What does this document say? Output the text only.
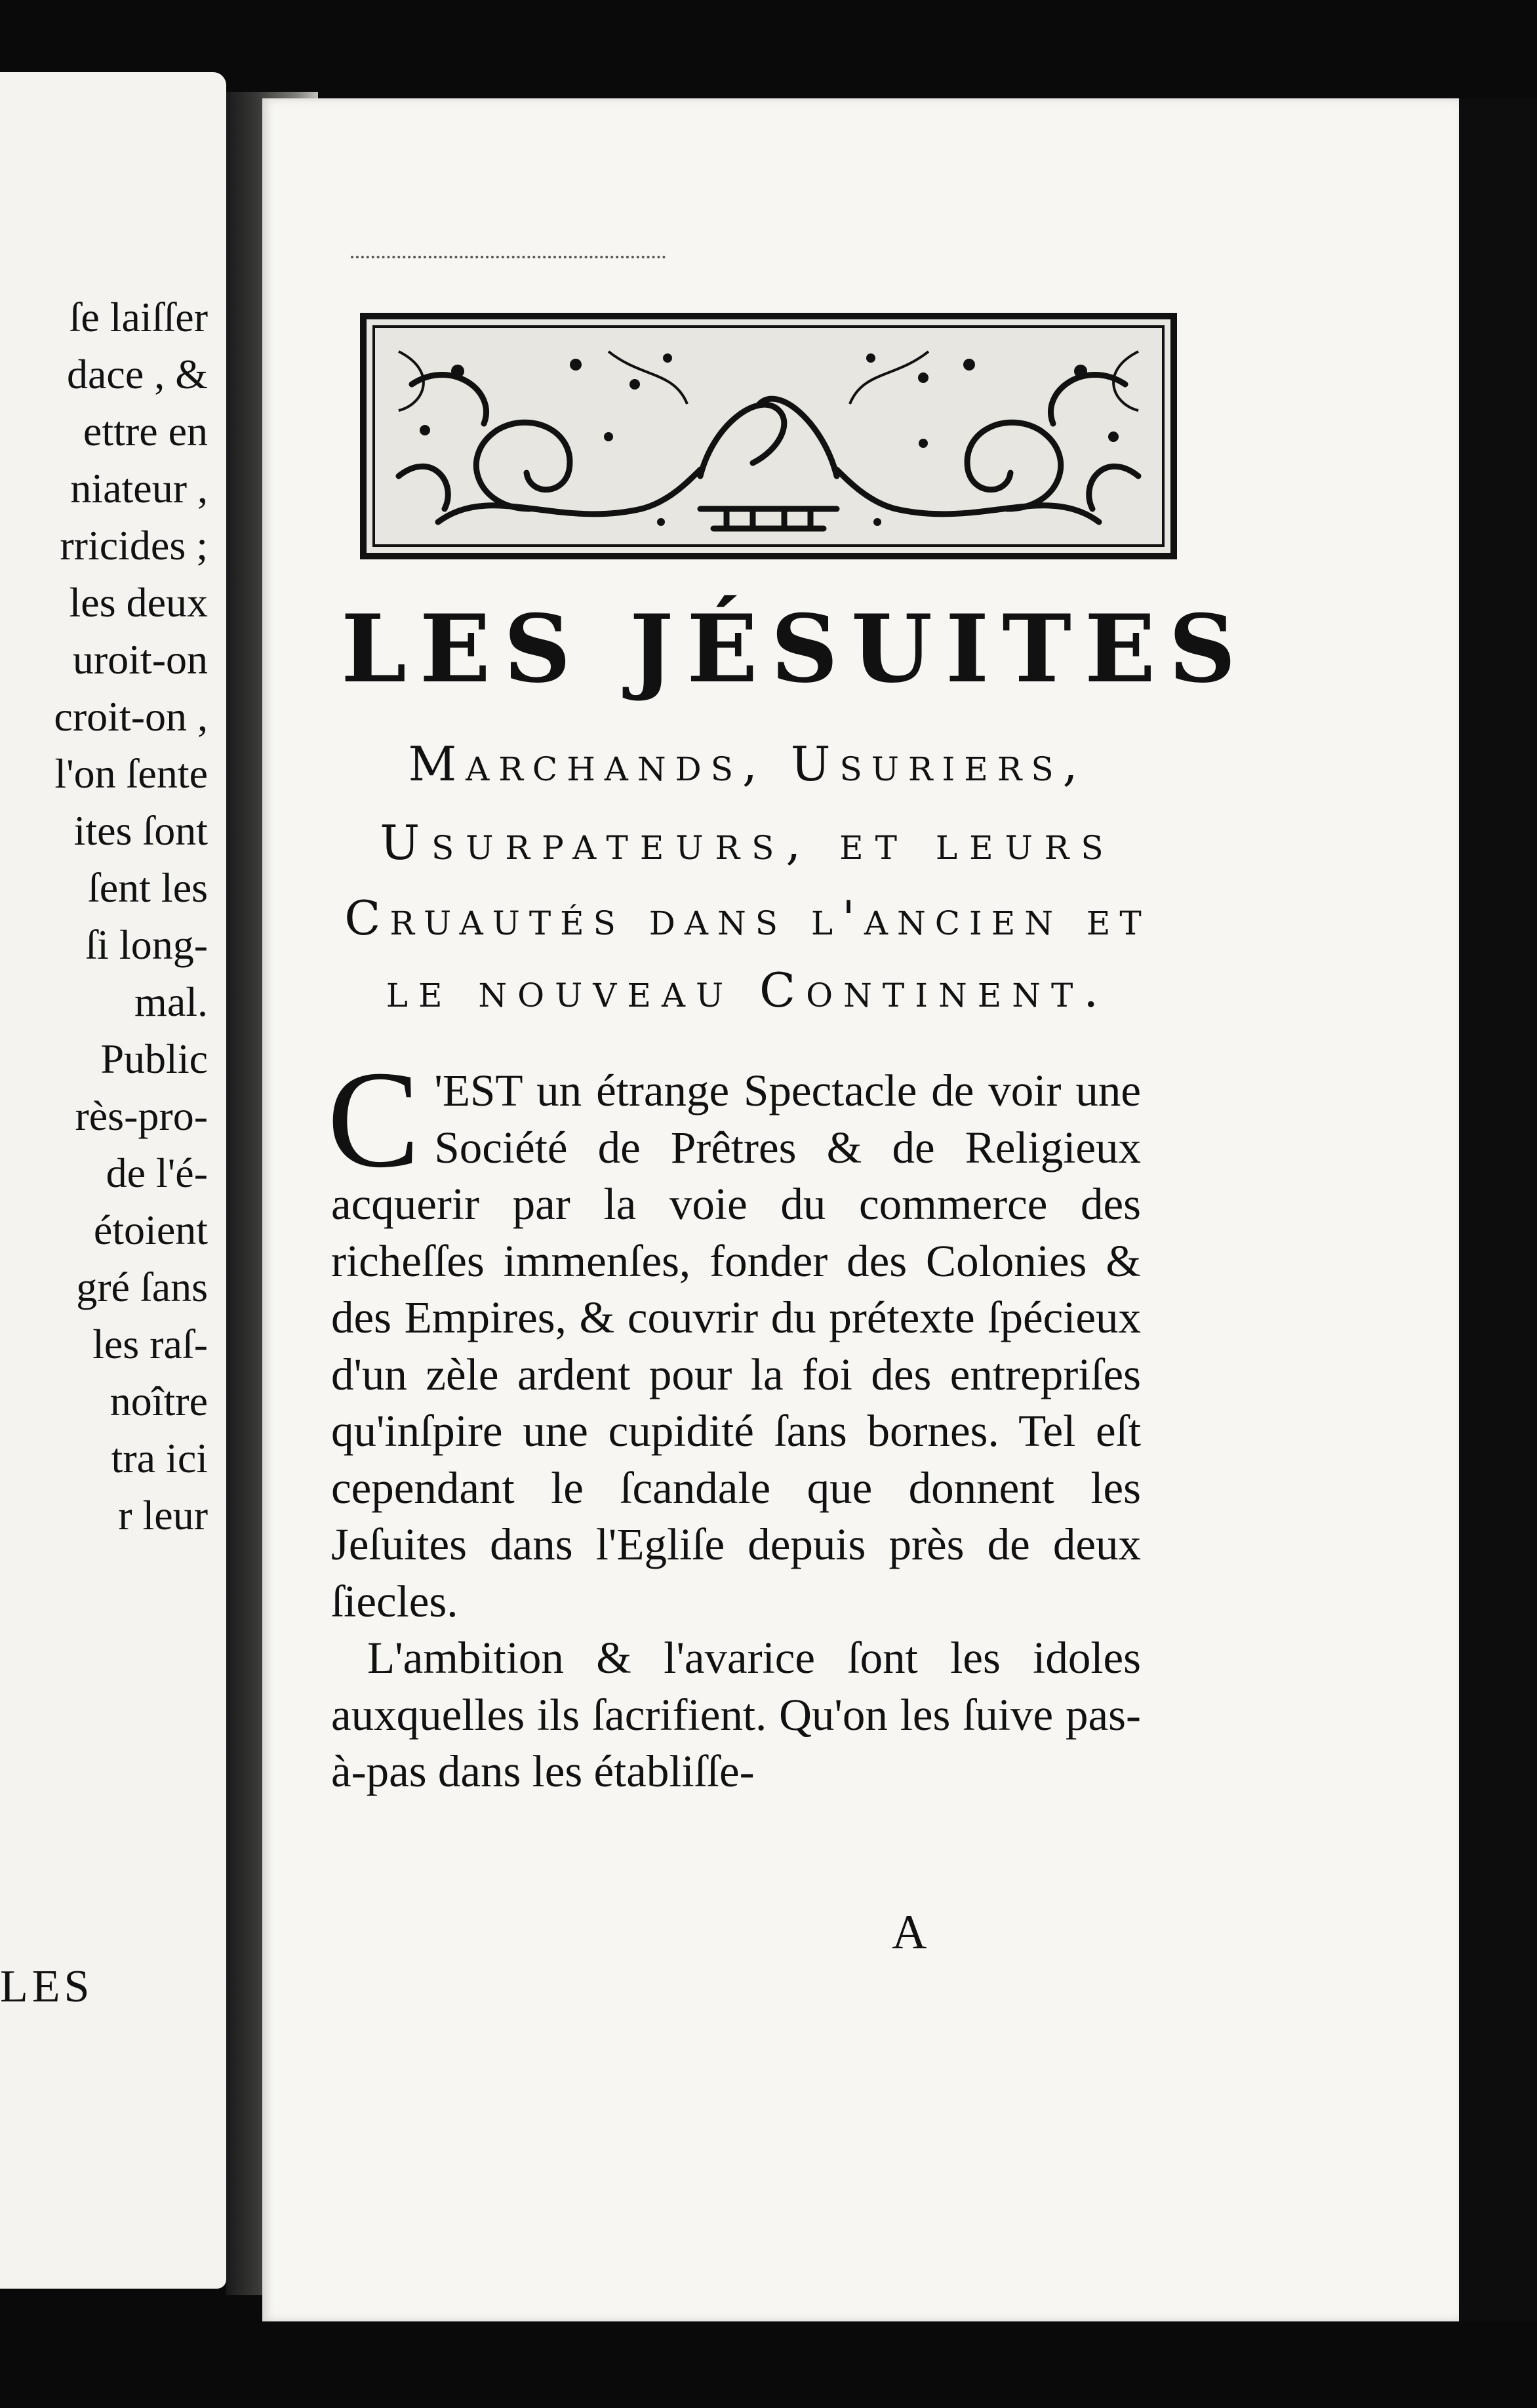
ſe laiſſer
dace , &
ettre en
niateur ,
rricides ;
les deux
uroit-on
croit-on ,
l'on ſente
ites ſont
ſent les
ſi long-
mal.
Public
rès-pro-
de l'é-
étoient
gré ſans
les raſ-
noître
tra ici
r leur
LES
LES JÉSUITES
Marchands, Usuriers,
Usurpateurs, et leurs
Cruautés dans l'ancien et
le nouveau Continent.

C 'EST un étrange Spectacle de voir une Société de Prêtres & de Religieux acquerir par la voie du commerce des richeſſes immenſes, fonder des Colonies & des Empires, & couvrir du prétexte ſpécieux d'un zèle ardent pour la foi des entrepriſes qu'inſpire une cupidité ſans bornes. Tel eſt cependant le ſcandale que donnent les Jeſuites dans l'Egliſe depuis près de deux ſiecles.

L'ambition & l'avarice ſont les idoles auxquelles ils ſacrifient. Qu'on les ſuive pas-à-pas dans les établiſſe-

A
